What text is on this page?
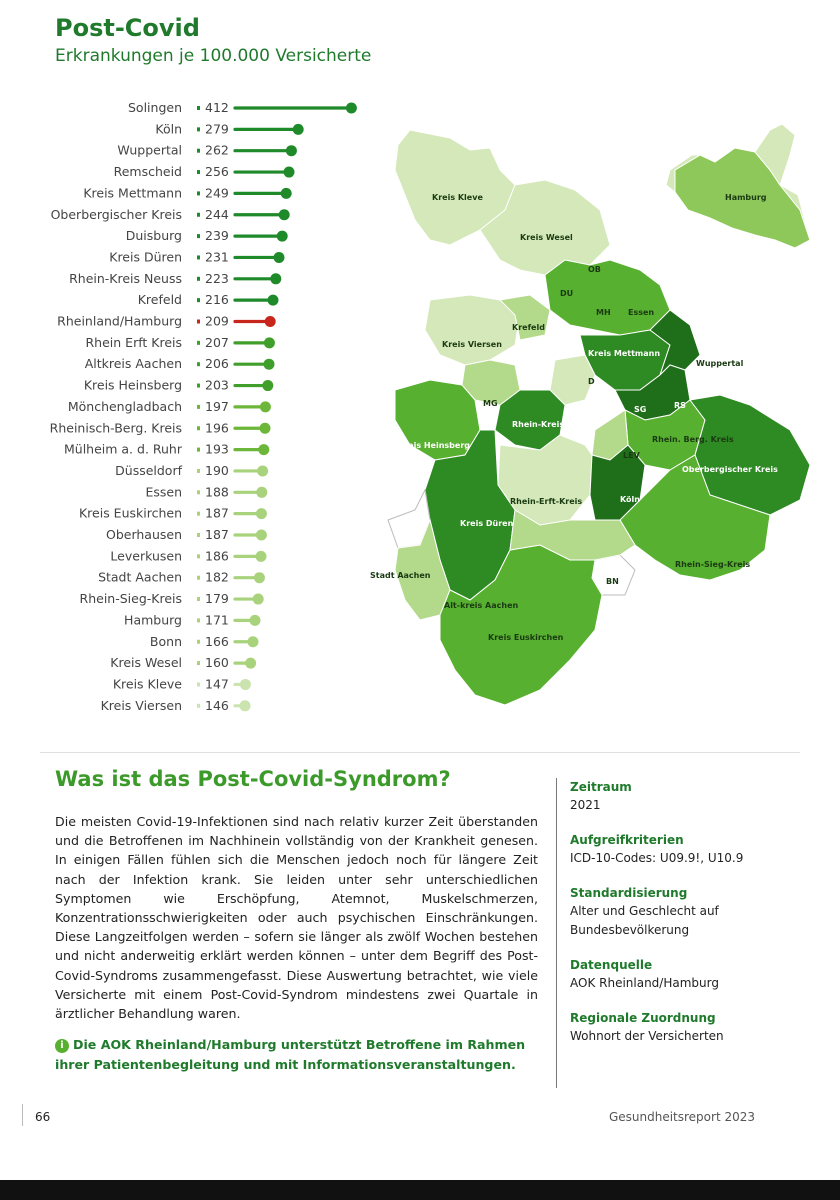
Post-Covid
Erkrankungen je 100.000 Versicherte
Solingen 412
Köln 279
Wuppertal 262
Remscheid 256
Kreis Mettmann 249
Oberbergischer Kreis 244
Duisburg 239
Kreis Düren 231
Rhein-Kreis Neuss 223
Krefeld 216
Rheinland/Hamburg 209
Rhein Erft Kreis 207
Altkreis Aachen 206
Kreis Heinsberg 203
Mönchengladbach 197
Rheinisch-Berg. Kreis 196
Mülheim a. d. Ruhr 193
Düsseldorf 190
Essen 188
Kreis Euskirchen 187
Oberhausen 187
Leverkusen 186
Stadt Aachen 182
Rhein-Sieg-Kreis 179
Hamburg 171
Bonn 166
Kreis Wesel 160
Kreis Kleve 147
Kreis Viersen 146
Hamburg
Kreis Kleve
Kreis Wesel
OB
DU
MH Essen
Krefeld
Kreis Viersen
Kreis Mettmann
Wuppertal
D
MG
SG	RS
Rhein-Kreis-Neuss
Kreis Heinsberg
Rhein. Berg. Kreis
LEV
Oberbergischer Kreis
Rhein-Erft-Kreis	Köln
Kreis Düren
Rhein-Sieg-Kreis
Stadt Aachen
BN
Alt-kreis Aachen
Kreis Euskirchen
Was ist das Post-Covid-Syndrom?
Die meisten Covid-19-Infektionen sind nach relativ kurzer Zeit überstanden und die Betroffenen im Nachhinein vollständig von der Krankheit genesen. In einigen Fällen fühlen sich die Menschen jedoch noch für längere Zeit nach der Infektion krank. Sie leiden unter sehr unterschiedlichen Symptomen wie Erschöpfung, Atemnot, Muskelschmerzen, Konzentrationsschwierigkeiten oder auch psychischen Einschränkungen. Diese Langzeitfolgen werden – sofern sie länger als zwölf Wochen bestehen und nicht anderweitig erklärt werden können – unter dem Begriff des Post-Covid-Syndroms zusammengefasst. Diese Auswertung betrachtet, wie viele Versicherte mit einem Post-Covid-Syndrom mindestens zwei Quartale in ärztlicher Behandlung waren.
i Die AOK Rheinland/Hamburg unterstützt Betroffene im Rahmen ihrer Patientenbegleitung und mit Informationsveranstaltungen.
Zeitraum
2021
Aufgreifkriterien
ICD-10-Codes: U09.9!, U10.9
Standardisierung
Alter und Geschlecht auf Bundesbevölkerung
Datenquelle
AOK Rheinland/Hamburg
Regionale Zuordnung
Wohnort der Versicherten
66	Gesundheitsreport 2023
